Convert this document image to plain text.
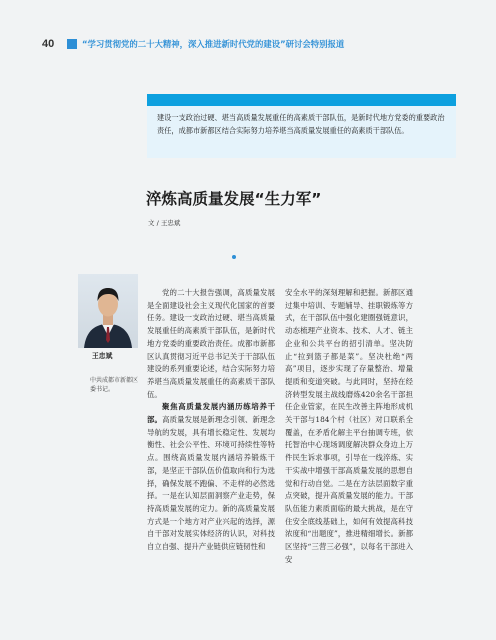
40	“学习贯彻党的二十大精神，深入推进新时代党的建设”研讨会特别报道
建设一支政治过硬、堪当高质量发展重任的高素质干部队伍，是新时代地方党委的重要政治责任，成都市新都区结合实际努力培养堪当高质量发展重任的高素质干部队伍。
淬炼高质量发展“生力军”
文 / 王忠斌
王忠斌
中共成都市新都区委书记。

党的二十大报告强调，高质量发展是全面建设社会主义现代化国家的首要任务。建设一支政治过硬、堪当高质量发展重任的高素质干部队伍，是新时代地方党委的重要政治责任。成都市新都区认真贯彻习近平总书记关于干部队伍建设的系列重要论述，结合实际努力培养堪当高质量发展重任的高素质干部队伍。

聚焦高质量发展内涵历练培养干部。高质量发展是新理念引领、新理念导航的发展，具有增长稳定性、发展均衡性、社会公平性、环境可持续性等特点。围绕高质量发展内涵培养锻炼干部，是坚正干部队伍价值取向和行为选择，确保发展不跑偏、不走样的必然选择。一是在认知层面洞察产业走势，保持高质量发展的定力。新的高质量发展方式是一个地方对产业兴起的选择，源自干部对发展实体经济的认识，对科技自立自强、提升产业链供应链韧性和

安全水平的深刻理解和把握。新都区通过集中培训、专题辅导、挂职锻炼等方式，在干部队伍中强化建圈强链意识，动态梳理产业资本、技术、人才、链主企业和公共平台的招引清单。坚决防止“拉到篮子都是菜”。坚决杜绝“两高”项目，逐步实现了存量整治、增量提质和变道突破。与此同时，坚持在经济转型发展主战线磨炼420余名干部担任企业管家，在民生改善主阵地形成机关干部与184个村（社区）对口联系全覆盖，在矛盾化解主平台抽调专班，依托智治中心现场调度解决群众身边上万件民生诉求事项，引导在一线淬炼、实干实战中增强干部高质量发展的思想自觉和行动自觉。二是在方法层面数字重点突破，提升高质量发展的能力。干部队伍能力素质面临的最大挑战，是在守住安全底线基础上，如何有效提高科技浓度和“出题度”，推进精细增长。新都区坚持“三营三必强”，以每名干部进入安
